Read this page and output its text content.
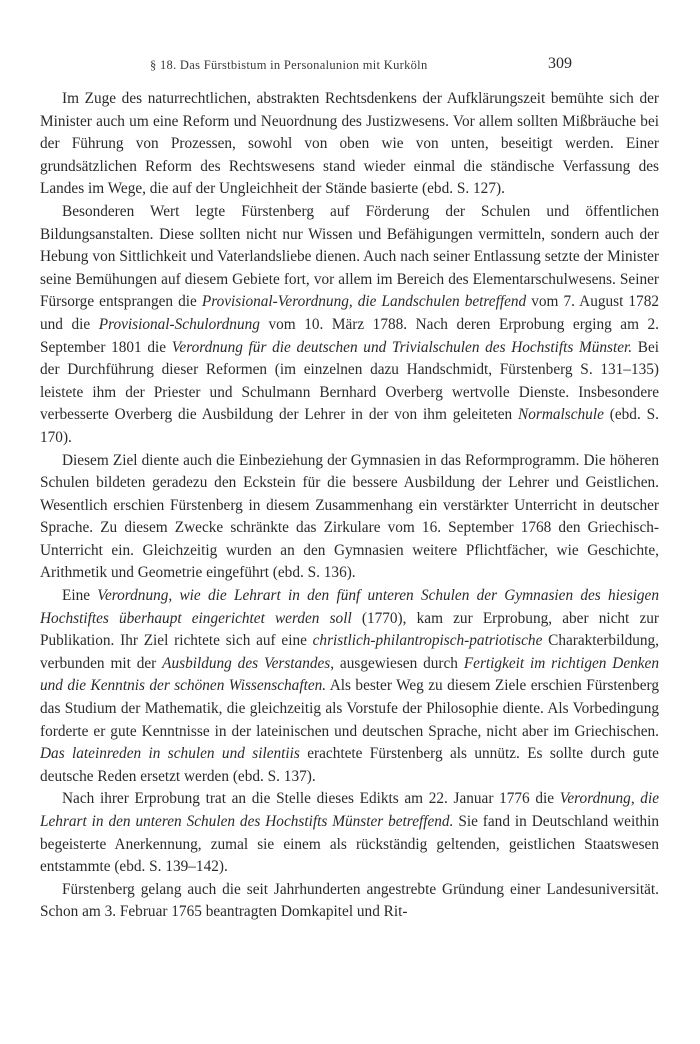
§ 18. Das Fürstbistum in Personalunion mit Kurköln	309

Im Zuge des naturrechtlichen, abstrakten Rechtsdenkens der Aufklärungszeit bemühte sich der Minister auch um eine Reform und Neuordnung des Justizwesens. Vor allem sollten Mißbräuche bei der Führung von Prozessen, sowohl von oben wie von unten, beseitigt werden. Einer grundsätzlichen Reform des Rechtswesens stand wieder einmal die ständische Verfassung des Landes im Wege, die auf der Ungleichheit der Stände basierte (ebd. S. 127).

Besonderen Wert legte Fürstenberg auf Förderung der Schulen und öffentlichen Bildungsanstalten. Diese sollten nicht nur Wissen und Befähigungen vermitteln, sondern auch der Hebung von Sittlichkeit und Vaterlandsliebe dienen. Auch nach seiner Entlassung setzte der Minister seine Bemühungen auf diesem Gebiete fort, vor allem im Bereich des Elementarschulwesens. Seiner Fürsorge entsprangen die Provisional-Verordnung, die Landschulen betreffend vom 7. August 1782 und die Provisional-Schulordnung vom 10. März 1788. Nach deren Erprobung erging am 2. September 1801 die Verordnung für die deutschen und Trivialschulen des Hochstifts Münster. Bei der Durchführung dieser Reformen (im einzelnen dazu Handschmidt, Fürstenberg S. 131–135) leistete ihm der Priester und Schulmann Bernhard Overberg wertvolle Dienste. Insbesondere verbesserte Overberg die Ausbildung der Lehrer in der von ihm geleiteten Normalschule (ebd. S. 170).

Diesem Ziel diente auch die Einbeziehung der Gymnasien in das Reformprogramm. Die höheren Schulen bildeten geradezu den Eckstein für die bessere Ausbildung der Lehrer und Geistlichen. Wesentlich erschien Fürstenberg in diesem Zusammenhang ein verstärkter Unterricht in deutscher Sprache. Zu diesem Zwecke schränkte das Zirkulare vom 16. September 1768 den Griechisch-Unterricht ein. Gleichzeitig wurden an den Gymnasien weitere Pflichtfächer, wie Geschichte, Arithmetik und Geometrie eingeführt (ebd. S. 136).

Eine Verordnung, wie die Lehrart in den fünf unteren Schulen der Gymnasien des hiesigen Hochstiftes überhaupt eingerichtet werden soll (1770), kam zur Erprobung, aber nicht zur Publikation. Ihr Ziel richtete sich auf eine christlich-philantropisch-patriotische Charakterbildung, verbunden mit der Ausbildung des Verstandes, ausgewiesen durch Fertigkeit im richtigen Denken und die Kenntnis der schönen Wissenschaften. Als bester Weg zu diesem Ziele erschien Fürstenberg das Studium der Mathematik, die gleichzeitig als Vorstufe der Philosophie diente. Als Vorbedingung forderte er gute Kenntnisse in der lateinischen und deutschen Sprache, nicht aber im Griechischen. Das lateinreden in schulen und silentiis erachtete Fürstenberg als unnütz. Es sollte durch gute deutsche Reden ersetzt werden (ebd. S. 137).

Nach ihrer Erprobung trat an die Stelle dieses Edikts am 22. Januar 1776 die Verordnung, die Lehrart in den unteren Schulen des Hochstifts Münster betreffend. Sie fand in Deutschland weithin begeisterte Anerkennung, zumal sie einem als rückständig geltenden, geistlichen Staatswesen entstammte (ebd. S. 139–142).

Fürstenberg gelang auch die seit Jahrhunderten angestrebte Gründung einer Landesuniversität. Schon am 3. Februar 1765 beantragten Domkapitel und Rit-
